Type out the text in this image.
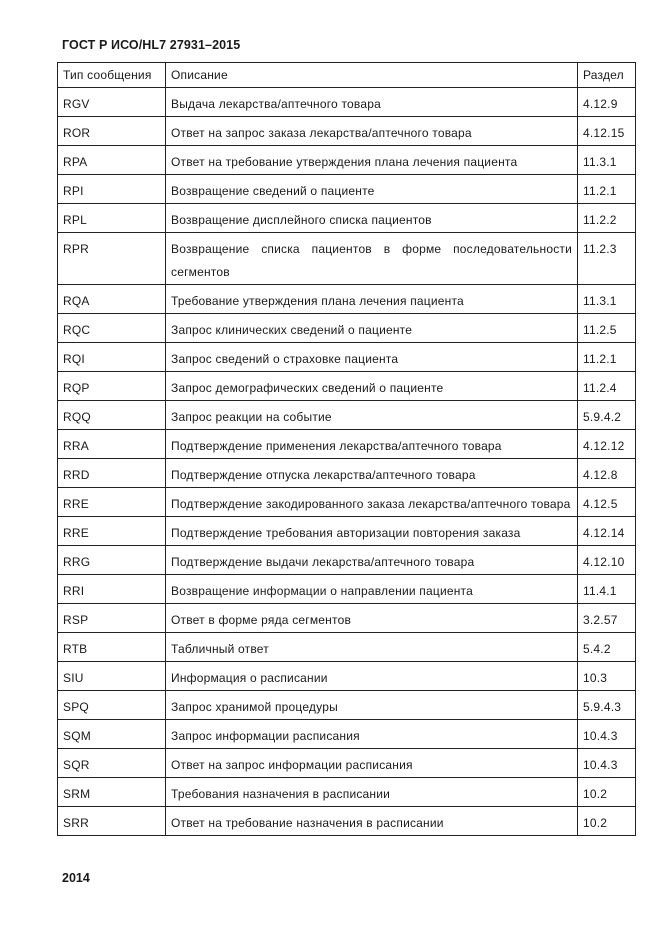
ГОСТ Р ИСО/HL7 27931–2015
Тип сообщения	Описание	Раздел
RGV	Выдача лекарства/аптечного товара	4.12.9
ROR	Ответ на запрос заказа лекарства/аптечного товара	4.12.15
RPA	Ответ на требование утверждения плана лечения пациента	11.3.1
RPI	Возвращение сведений о пациенте	11.2.1
RPL	Возвращение дисплейного списка пациентов	11.2.2
RPR	Возвращение списка пациентов в форме последовательности сегментов	11.2.3
RQA	Требование утверждения плана лечения пациента	11.3.1
RQC	Запрос клинических сведений о пациенте	11.2.5
RQI	Запрос сведений о страховке пациента	11.2.1
RQP	Запрос демографических сведений о пациенте	11.2.4
RQQ	Запрос реакции на событие	5.9.4.2
RRA	Подтверждение применения лекарства/аптечного товара	4.12.12
RRD	Подтверждение отпуска лекарства/аптечного товара	4.12.8
RRE	Подтверждение закодированного заказа лекарства/аптечного товара	4.12.5
RRE	Подтверждение требования авторизации повторения заказа	4.12.14
RRG	Подтверждение выдачи лекарства/аптечного товара	4.12.10
RRI	Возвращение информации о направлении пациента	11.4.1
RSP	Ответ в форме ряда сегментов	3.2.57
RTB	Табличный ответ	5.4.2
SIU	Информация о расписании	10.3
SPQ	Запрос хранимой процедуры	5.9.4.3
SQM	Запрос информации расписания	10.4.3
SQR	Ответ на запрос информации расписания	10.4.3
SRM	Требования назначения в расписании	10.2
SRR	Ответ на требование назначения в расписании	10.2
2014
